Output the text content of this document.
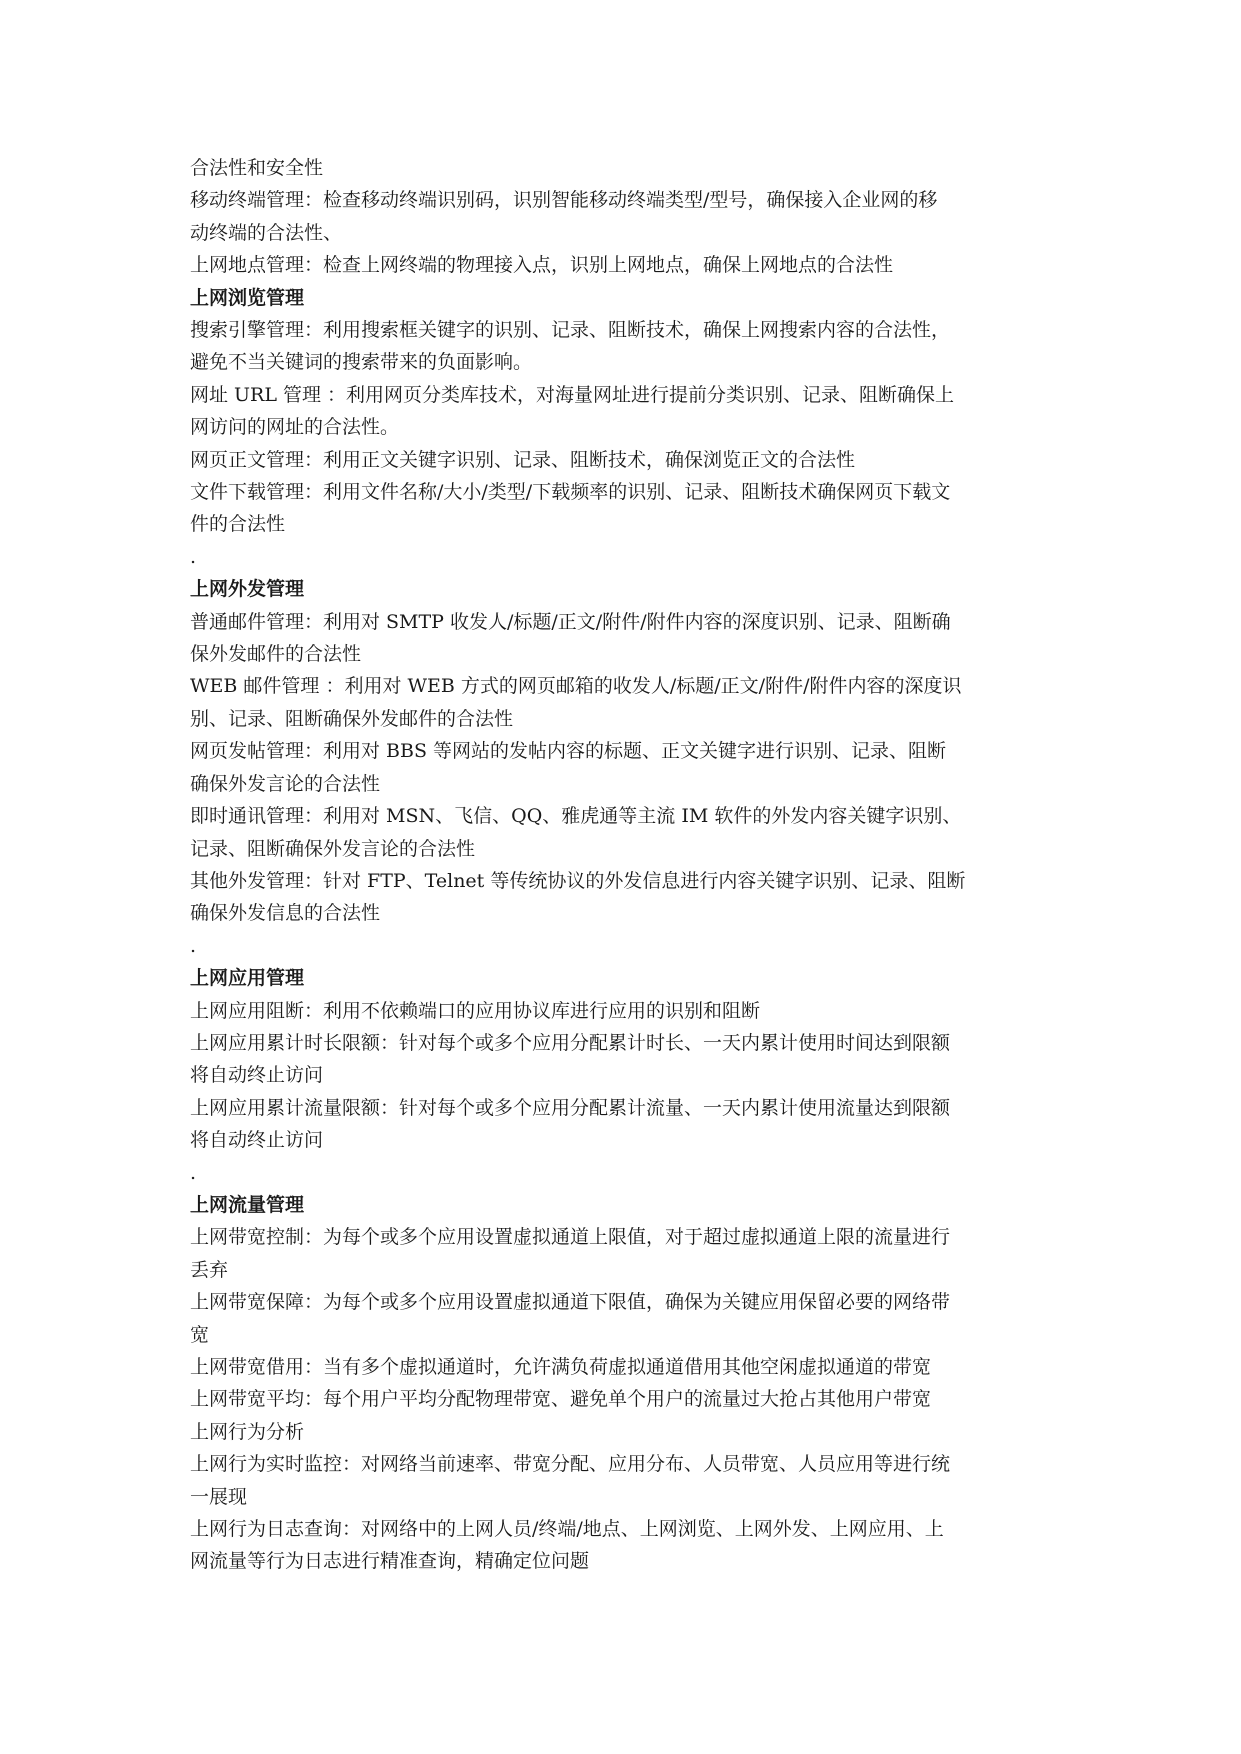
合法性和安全性

移动终端管理：检查移动终端识别码，识别智能移动终端类型/型号，确保接入企业网的移

动终端的合法性、

上网地点管理：检查上网终端的物理接入点，识别上网地点，确保上网地点的合法性

上网浏览管理

搜索引擎管理：利用搜索框关键字的识别、记录、阻断技术，确保上网搜索内容的合法性，

避免不当关键词的搜索带来的负面影响。

网址 URL 管理 ：利用网页分类库技术，对海量网址进行提前分类识别、记录、阻断确保上

网访问的网址的合法性。

网页正文管理：利用正文关键字识别、记录、阻断技术，确保浏览正文的合法性

文件下载管理：利用文件名称/大小/类型/下载频率的识别、记录、阻断技术确保网页下载文

件的合法性

.

上网外发管理

普通邮件管理：利用对 SMTP 收发人/标题/正文/附件/附件内容的深度识别、记录、阻断确

保外发邮件的合法性

WEB 邮件管理 ：利用对 WEB 方式的网页邮箱的收发人/标题/正文/附件/附件内容的深度识

别、记录、阻断确保外发邮件的合法性

网页发帖管理：利用对 BBS 等网站的发帖内容的标题、正文关键字进行识别、记录、阻断

确保外发言论的合法性

即时通讯管理：利用对 MSN、飞信、QQ、雅虎通等主流 IM 软件的外发内容关键字识别、

记录、阻断确保外发言论的合法性

其他外发管理：针对 FTP、Telnet 等传统协议的外发信息进行内容关键字识别、记录、阻断

确保外发信息的合法性

.

上网应用管理

上网应用阻断：利用不依赖端口的应用协议库进行应用的识别和阻断

上网应用累计时长限额：针对每个或多个应用分配累计时长、一天内累计使用时间达到限额

将自动终止访问

上网应用累计流量限额：针对每个或多个应用分配累计流量、一天内累计使用流量达到限额

将自动终止访问

.

上网流量管理

上网带宽控制：为每个或多个应用设置虚拟通道上限值，对于超过虚拟通道上限的流量进行

丢弃

上网带宽保障：为每个或多个应用设置虚拟通道下限值，确保为关键应用保留必要的网络带

宽

上网带宽借用：当有多个虚拟通道时，允许满负荷虚拟通道借用其他空闲虚拟通道的带宽

上网带宽平均：每个用户平均分配物理带宽、避免单个用户的流量过大抢占其他用户带宽

上网行为分析

上网行为实时监控：对网络当前速率、带宽分配、应用分布、人员带宽、人员应用等进行统

一展现

上网行为日志查询：对网络中的上网人员/终端/地点、上网浏览、上网外发、上网应用、上

网流量等行为日志进行精准查询，精确定位问题
